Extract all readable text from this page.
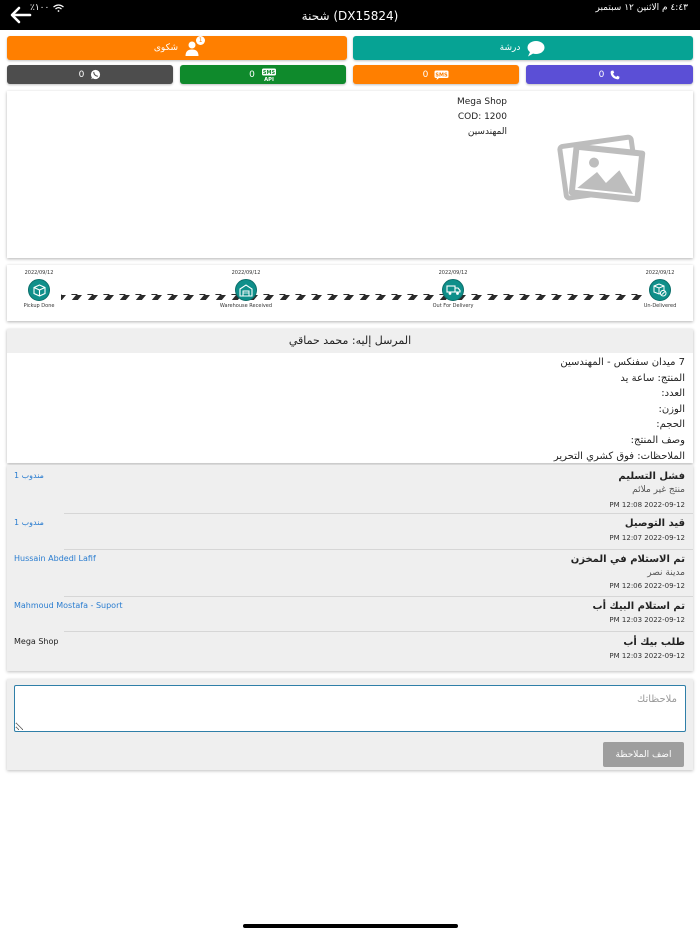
٪١٠٠
شحنة (DX15824)
٤:٤٣ م الاثنين ١٢ سبتمبر
شكوى
1
درشة
0	0 SMS
API
0 SMS	0
Mega Shop
COD: 1200
المهندسين
2022/09/12
Pickup Done
2022/09/12
Warehouse Received
2022/09/12
Out For Delivery
2022/09/12
Un-Delivered
المرسل إليه: محمد حماقي
7 ميدان سفنكس - المهندسين
المنتج: ساعة يد
العدد:
الوزن:
الحجم:
وصف المنتج:
الملاحظات: فوق كشري التحرير
فشل التسليم
منتج غير ملائم
PM 12:08 2022-09-12
مندوب 1
قيد التوصيل
PM 12:07 2022-09-12
مندوب 1
تم الاستلام في المخزن
مدينة نصر
PM 12:06 2022-09-12
Hussain Abdedl Lafif
تم استلام البيك أب
PM 12:03 2022-09-12
Mahmoud Mostafa - Suport
طلب بيك أب
PM 12:03 2022-09-12
Mega Shop
ملاحظاتك
اضف الملاحظة
